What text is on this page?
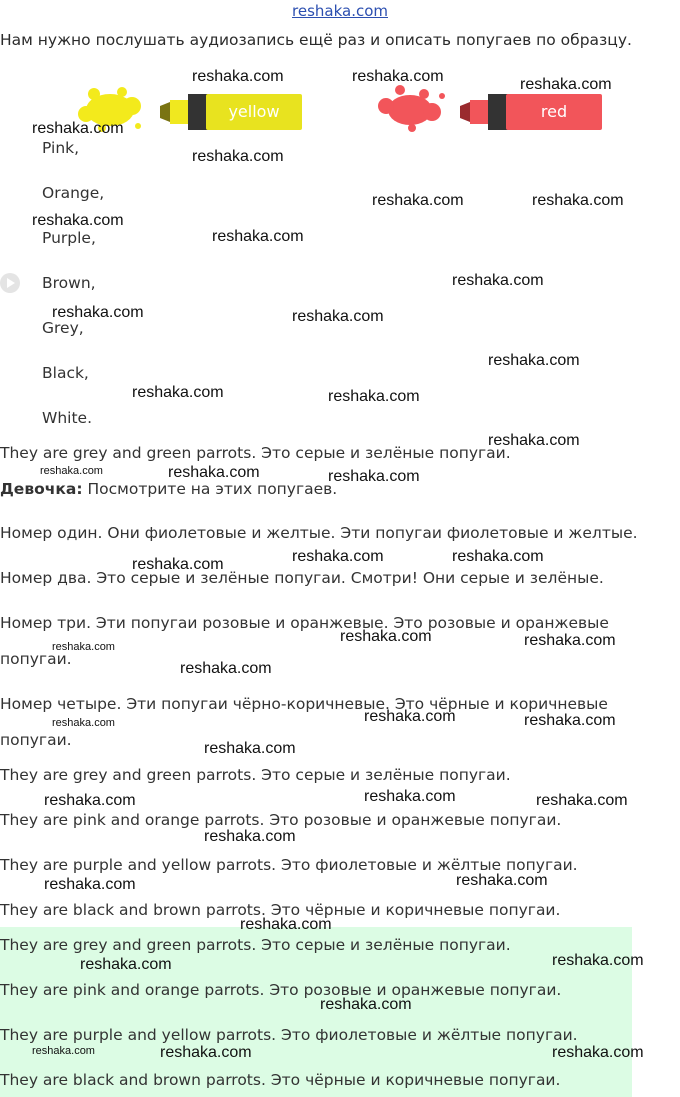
reshaka.com
Нам нужно послушать аудиозапись ещё раз и описать попугаев по образцу.
yellow	red
Pink,
Orange,
Purple,
Brown,
Grey,
Black,
White.
They are grey and green parrots. Это серые и зелёные попугаи.
Девочка: Посмотрите на этих попугаев.
Номер один. Они фиолетовые и желтые. Эти попугаи фиолетовые и желтые.
Номер два. Это серые и зелёные попугаи. Смотри! Они серые и зелёные.
Номер три. Эти попугаи розовые и оранжевые. Это розовые и оранжевые
попугаи.
Номер четыре. Эти попугаи чёрно-коричневые. Это чёрные и коричневые
попугаи.
They are grey and green parrots. Это серые и зелёные попугаи.
They are pink and orange parrots. Это розовые и оранжевые попугаи.
They are purple and yellow parrots. Это фиолетовые и жёлтые попугаи.
They are black and brown parrots. Это чёрные и коричневые попугаи.
They are grey and green parrots. Это серые и зелёные попугаи.
They are pink and orange parrots. Это розовые и оранжевые попугаи.
They are purple and yellow parrots. Это фиолетовые и жёлтые попугаи.
They are black and brown parrots. Это чёрные и коричневые попугаи.
reshaka.com	reshaka.com	reshaka.com
reshaka.com
reshaka.com
reshaka.com	reshaka.com
reshaka.com
reshaka.com
reshaka.com
reshaka.com	reshaka.com
reshaka.com
reshaka.com	reshaka.com
reshaka.com
reshaka.com	reshaka.com	reshaka.com
reshaka.com	reshaka.com
reshaka.com
reshaka.com	reshaka.com
reshaka.com
reshaka.com
reshaka.com	reshaka.com
reshaka.com
reshaka.com
reshaka.com
reshaka.com	reshaka.com
reshaka.com
reshaka.com
reshaka.com
reshaka.com
reshaka.com
reshaka.com
reshaka.com
reshaka.com	reshaka.com	reshaka.com
